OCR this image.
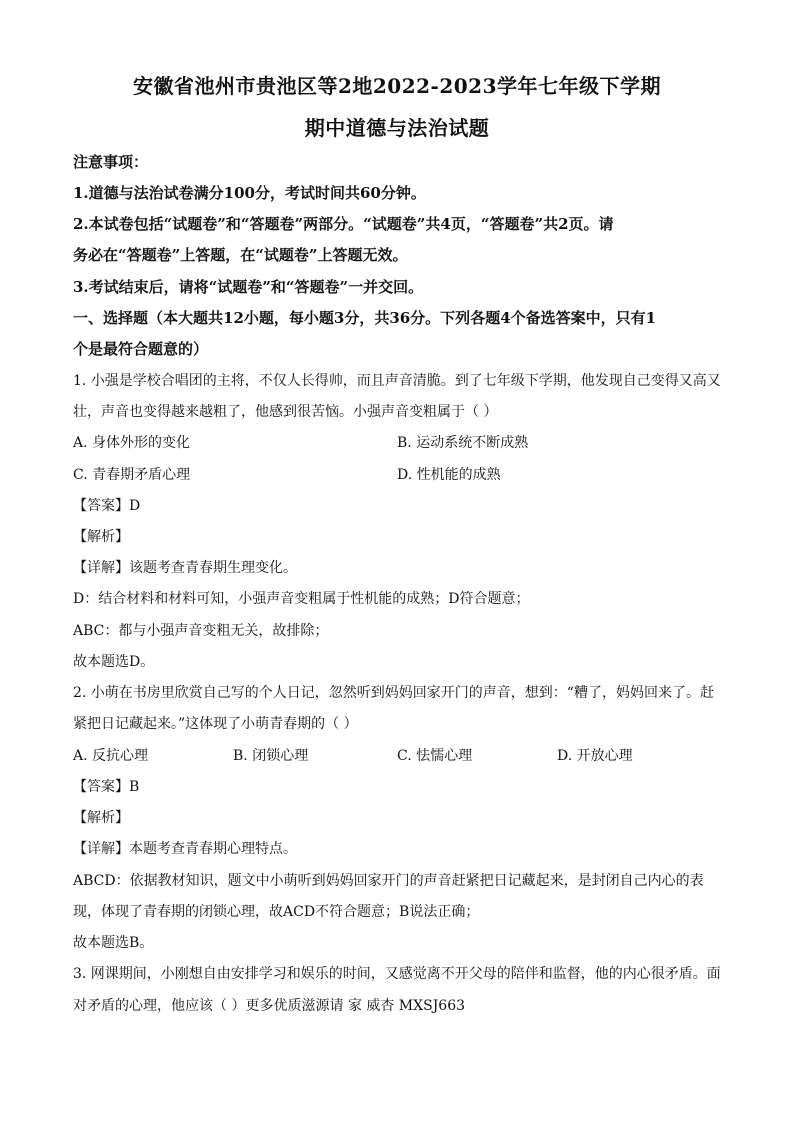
安徽省池州市贵池区等2地2022-2023学年七年级下学期
期中道德与法治试题
注意事项：
1.道德与法治试卷满分100分，考试时间共60分钟。
2.本试卷包括“试题卷”和“答题卷”两部分。“试题卷”共4页，“答题卷”共2页。请
务必在“答题卷”上答题，在“试题卷”上答题无效。
3.考试结束后，请将“试题卷”和“答题卷”一并交回。
一、选择题（本大题共12小题，每小题3分，共36分。下列各题4个备选答案中，只有1
个是最符合题意的）
1. 小强是学校合唱团的主将，不仅人长得帅，而且声音清脆。到了七年级下学期，他发现自己变得又高又
壮，声音也变得越来越粗了，他感到很苦恼。小强声音变粗属于（ ）
A. 身体外形的变化	B. 运动系统不断成熟
C. 青春期矛盾心理	D. 性机能的成熟
【答案】D
【解析】
【详解】该题考查青春期生理变化。
D：结合材料和材料可知，小强声音变粗属于性机能的成熟；D符合题意；
ABC：都与小强声音变粗无关，故排除；
故本题选D。
2. 小萌在书房里欣赏自己写的个人日记，忽然听到妈妈回家开门的声音，想到：“糟了，妈妈回来了。赶
紧把日记藏起来。”这体现了小萌青春期的（ ）
A. 反抗心理	B. 闭锁心理	C. 怯懦心理	D. 开放心理
【答案】B
【解析】
【详解】本题考查青春期心理特点。
ABCD：依据教材知识，题文中小萌听到妈妈回家开门的声音赶紧把日记藏起来，是封闭自己内心的表
现，体现了青春期的闭锁心理，故ACD不符合题意；B说法正确；
故本题选B。
3. 网课期间，小刚想自由安排学习和娱乐的时间，又感觉离不开父母的陪伴和监督，他的内心很矛盾。面
对矛盾的心理，他应该（ ）更多优质滋源请 家 威杏 MXSJ663
